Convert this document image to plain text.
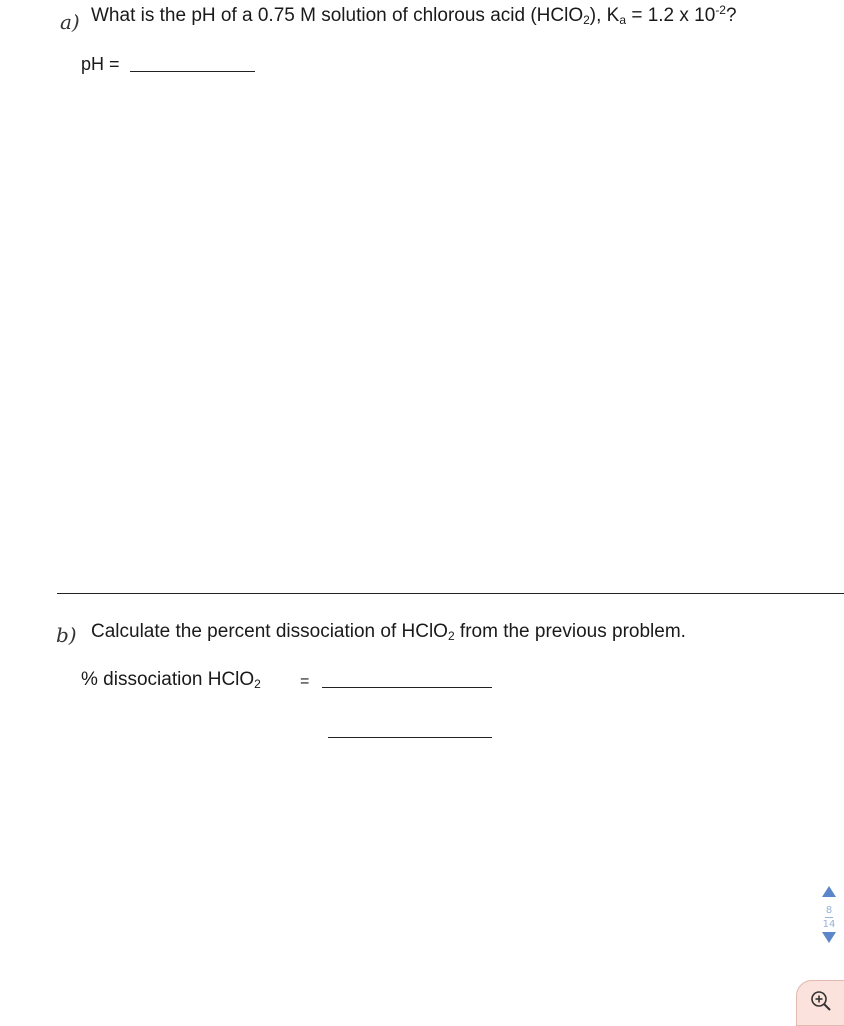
a) What is the pH of a 0.75 M solution of chlorous acid (HClO$_2$), $K_a = 1.2$ x $10^{-2}$?
pH =
b) Calculate the percent dissociation of HClO$_2$ from the previous problem.
% dissociation HClO$_2$ =
8
14
